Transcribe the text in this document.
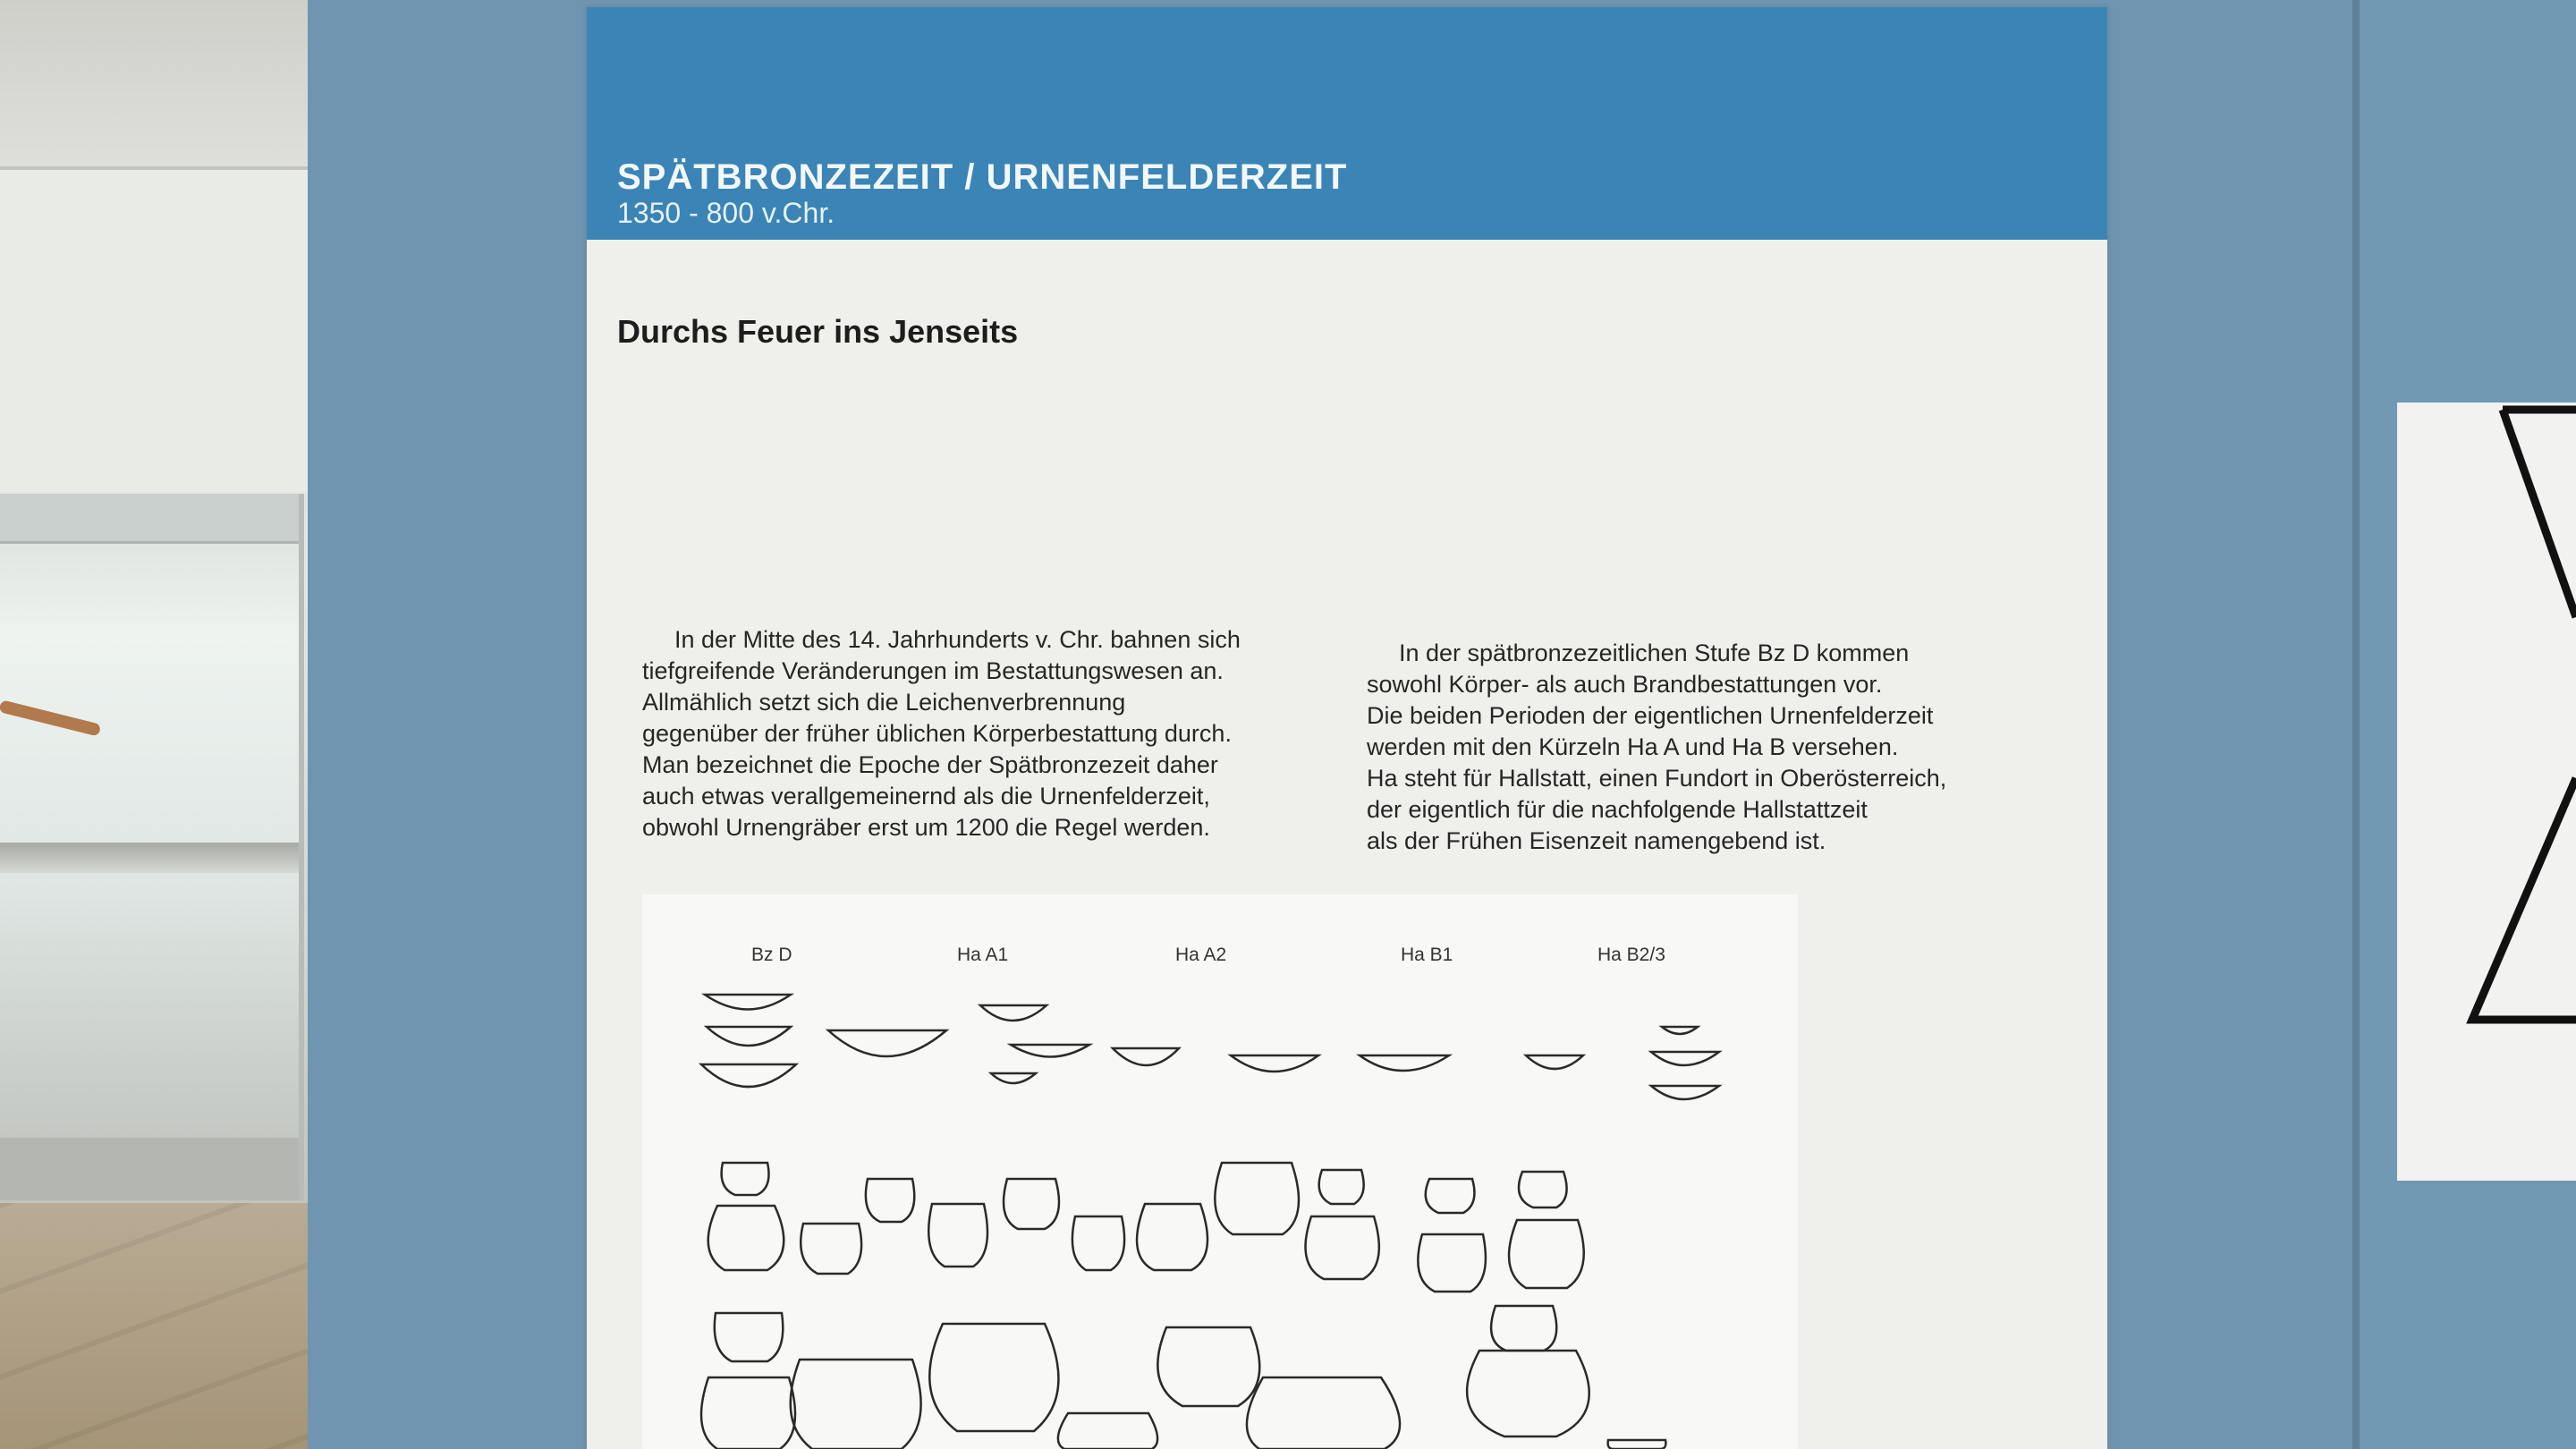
SPÄTBRONZEZEIT / URNENFELDERZEIT
1350 - 800 v.Chr.
Durchs Feuer ins Jenseits

In der Mitte des 14. Jahrhunderts v. Chr. bahnen sich
tiefgreifende Veränderungen im Bestattungswesen an.
Allmählich setzt sich die Leichenverbrennung
gegenüber der früher üblichen Körperbestattung durch.
Man bezeichnet die Epoche der Spätbronzezeit daher
auch etwas verallgemeinernd als die Urnenfelderzeit,
obwohl Urnengräber erst um 1200 die Regel werden.

In der spätbronzezeitlichen Stufe Bz D kommen
sowohl Körper- als auch Brandbestattungen vor.
Die beiden Perioden der eigentlichen Urnenfelderzeit
werden mit den Kürzeln Ha A und Ha B versehen.
Ha steht für Hallstatt, einen Fundort in Oberösterreich,
der eigentlich für die nachfolgende Hallstattzeit
als der Frühen Eisenzeit namengebend ist.

Bz D	Ha A1	Ha A2	Ha B1	Ha B2/3
